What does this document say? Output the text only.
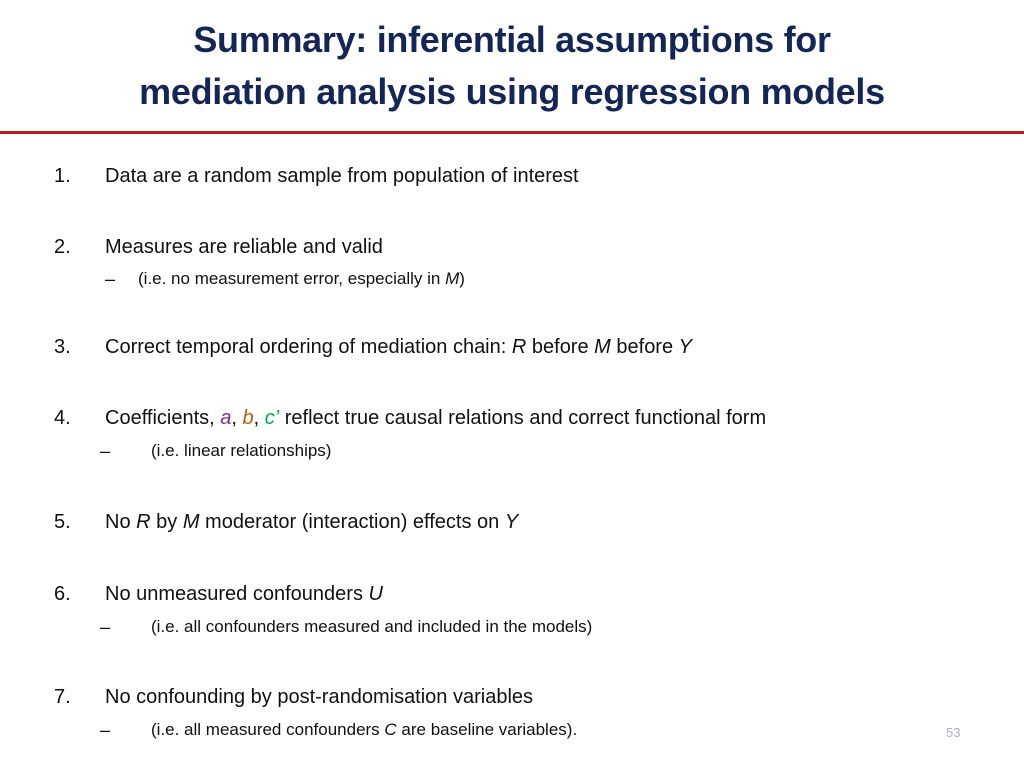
Summary: inferential assumptions for
mediation analysis using regression models
1. Data are a random sample from population of interest
2. Measures are reliable and valid
– (i.e. no measurement error, especially in M)
3. Correct temporal ordering of mediation chain: R before M before Y
4. Coefficients, a, b, c’ reflect true causal relations and correct functional form
– (i.e. linear relationships)
5. No R by M moderator (interaction) effects on Y
6. No unmeasured confounders U
– (i.e. all confounders measured and included in the models)
7. No confounding by post-randomisation variables
– (i.e. all measured confounders C are baseline variables).	53
